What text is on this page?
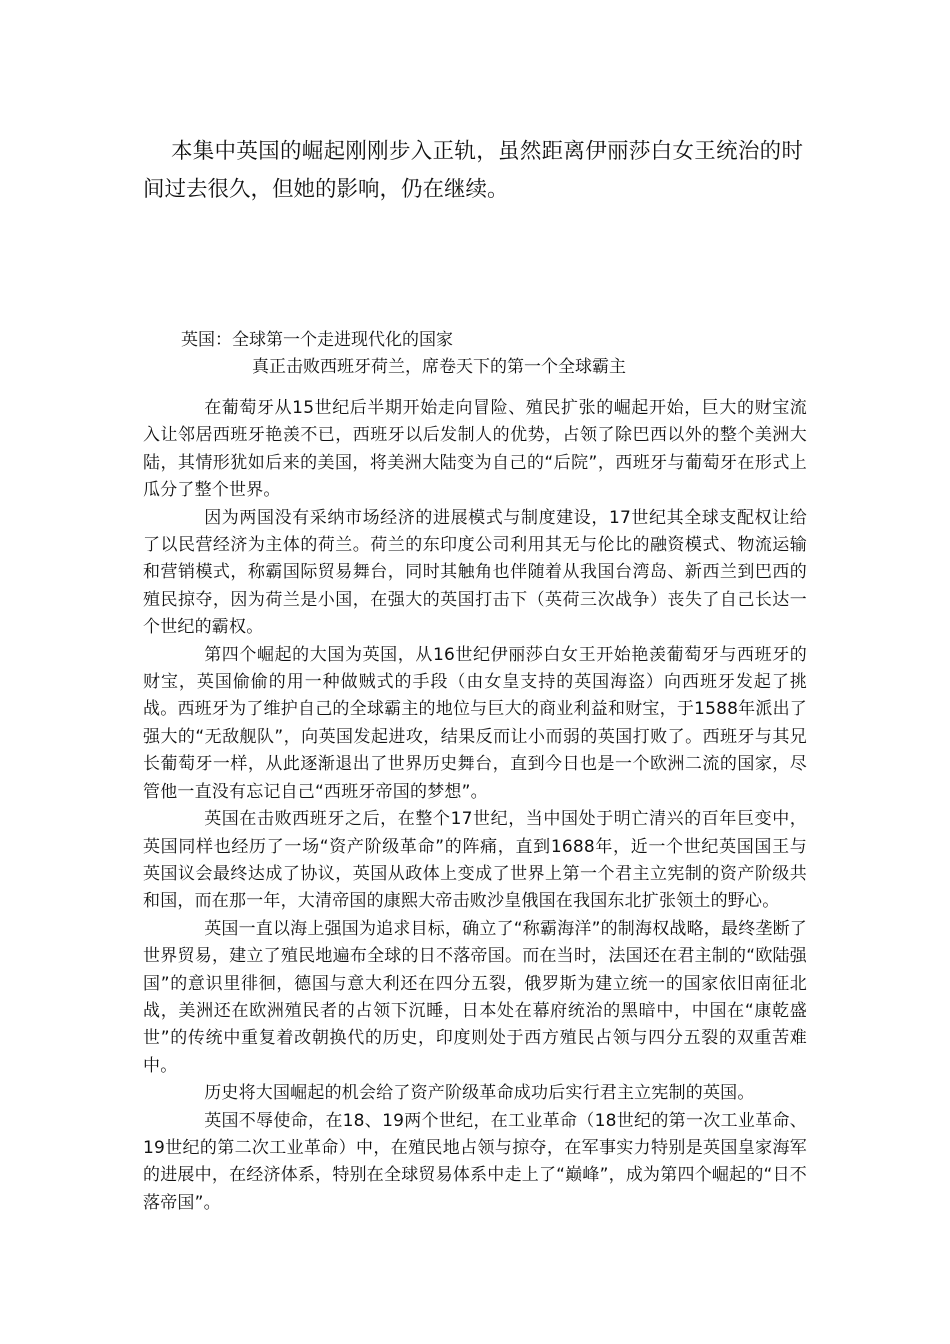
本集中英国的崛起刚刚步入正轨，虽然距离伊丽莎白女王统治的时间过去很久，但她的影响，仍在继续。

英国：全球第一个走进现代化的国家
真正击败西班牙荷兰，席卷天下的第一个全球霸主

在葡萄牙从15世纪后半期开始走向冒险、殖民扩张的崛起开始，巨大的财宝流入让邻居西班牙艳羡不已，西班牙以后发制人的优势，占领了除巴西以外的整个美洲大陆，其情形犹如后来的美国，将美洲大陆变为自己的“后院”，西班牙与葡萄牙在形式上瓜分了整个世界。

因为两国没有采纳市场经济的进展模式与制度建设，17世纪其全球支配权让给了以民营经济为主体的荷兰。荷兰的东印度公司利用其无与伦比的融资模式、物流运输和营销模式，称霸国际贸易舞台，同时其触角也伴随着从我国台湾岛、新西兰到巴西的殖民掠夺，因为荷兰是小国，在强大的英国打击下（英荷三次战争）丧失了自己长达一个世纪的霸权。

第四个崛起的大国为英国，从16世纪伊丽莎白女王开始艳羡葡萄牙与西班牙的财宝，英国偷偷的用一种做贼式的手段（由女皇支持的英国海盗）向西班牙发起了挑战。西班牙为了维护自己的全球霸主的地位与巨大的商业利益和财宝，于1588年派出了强大的“无敌舰队”，向英国发起进攻，结果反而让小而弱的英国打败了。西班牙与其兄长葡萄牙一样，从此逐渐退出了世界历史舞台，直到今日也是一个欧洲二流的国家，尽管他一直没有忘记自己“西班牙帝国的梦想”。

英国在击败西班牙之后，在整个17世纪，当中国处于明亡清兴的百年巨变中，英国同样也经历了一场“资产阶级革命”的阵痛，直到1688年，近一个世纪英国国王与英国议会最终达成了协议，英国从政体上变成了世界上第一个君主立宪制的资产阶级共和国，而在那一年，大清帝国的康熙大帝击败沙皇俄国在我国东北扩张领土的野心。

英国一直以海上强国为追求目标，确立了“称霸海洋”的制海权战略，最终垄断了世界贸易，建立了殖民地遍布全球的日不落帝国。而在当时，法国还在君主制的“欧陆强国”的意识里徘徊，德国与意大利还在四分五裂，俄罗斯为建立统一的国家依旧南征北战，美洲还在欧洲殖民者的占领下沉睡，日本处在幕府统治的黑暗中，中国在“康乾盛世”的传统中重复着改朝换代的历史，印度则处于西方殖民占领与四分五裂的双重苦难中。

历史将大国崛起的机会给了资产阶级革命成功后实行君主立宪制的英国。

英国不辱使命，在18、19两个世纪，在工业革命（18世纪的第一次工业革命、19世纪的第二次工业革命）中，在殖民地占领与掠夺，在军事实力特别是英国皇家海军的进展中，在经济体系，特别在全球贸易体系中走上了“巅峰”，成为第四个崛起的“日不落帝国”。
